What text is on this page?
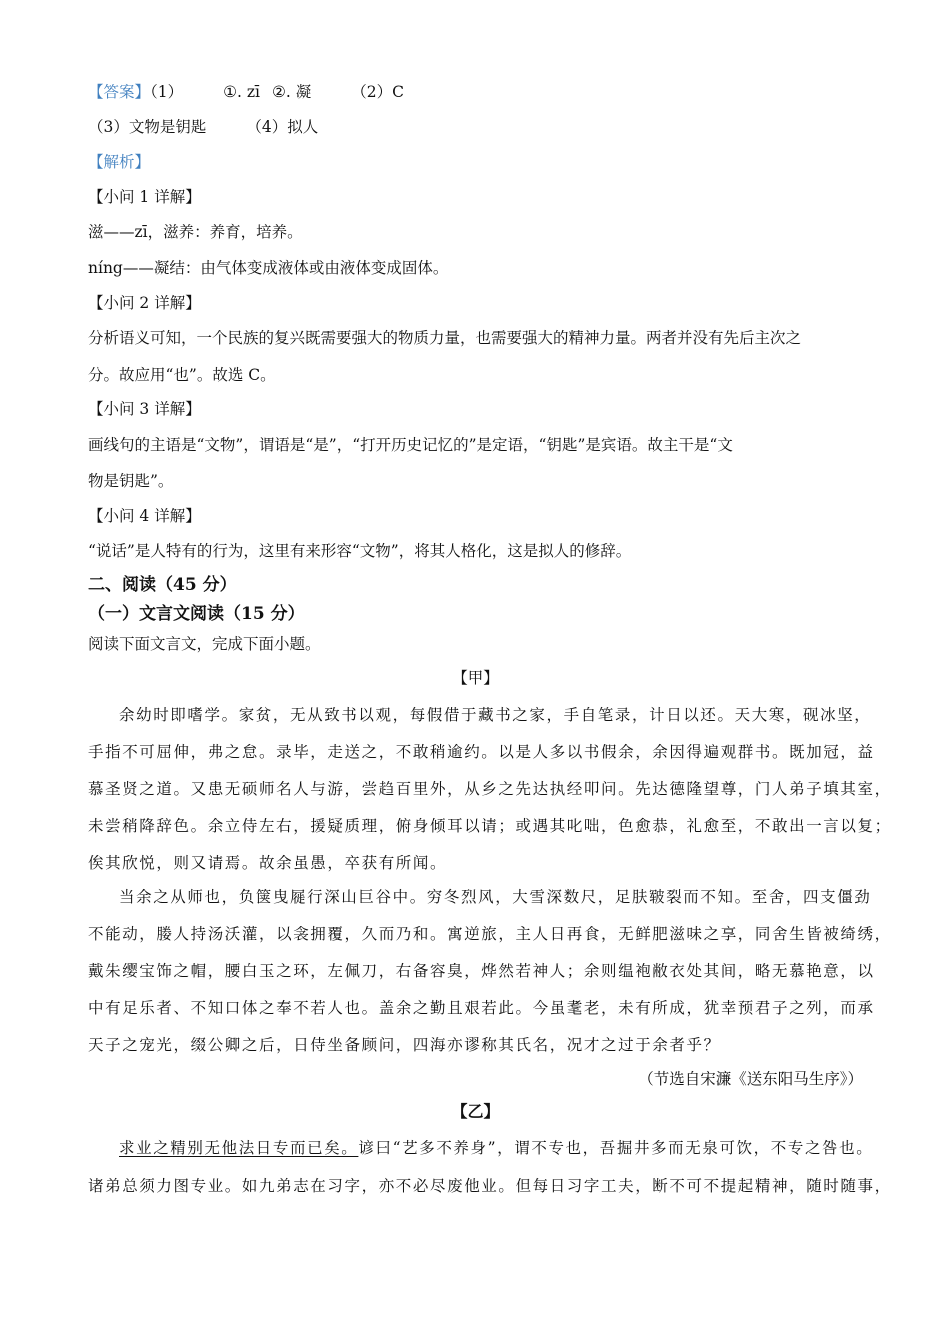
【答案】（1）	①. zī ②. 凝	（2）C
（3）文物是钥匙	（4）拟人
【解析】
【小问 1 详解】
滋——zī，滋养：养育，培养。
níng——凝结：由气体变成液体或由液体变成固体。
【小问 2 详解】
分析语义可知，一个民族的复兴既需要强大的物质力量，也需要强大的精神力量。两者并没有先后主次之
分。故应用“也”。故选 C。
【小问 3 详解】
画线句的主语是“文物”，谓语是“是”，“打开历史记忆的”是定语，“钥匙”是宾语。故主干是“文
物是钥匙”。
【小问 4 详解】
“说话”是人特有的行为，这里有来形容“文物”，将其人格化，这是拟人的修辞。
二、阅读（45 分）
（一）文言文阅读（15 分）
阅读下面文言文，完成下面小题。
【甲】
余幼时即嗜学。家贫，无从致书以观，每假借于藏书之家，手自笔录，计日以还。天大寒，砚冰坚，
手指不可屈伸，弗之怠。录毕，走送之，不敢稍逾约。以是人多以书假余，余因得遍观群书。既加冠，益
慕圣贤之道。又患无硕师名人与游，尝趋百里外，从乡之先达执经叩问。先达德隆望尊，门人弟子填其室，
未尝稍降辞色。余立侍左右，援疑质理，俯身倾耳以请；或遇其叱咄，色愈恭，礼愈至，不敢出一言以复；
俟其欣悦，则又请焉。故余虽愚，卒获有所闻。
当余之从师也，负箧曳屣行深山巨谷中。穷冬烈风，大雪深数尺，足肤皲裂而不知。至舍，四支僵劲
不能动，媵人持汤沃灌，以衾拥覆，久而乃和。寓逆旅，主人日再食，无鲜肥滋味之享，同舍生皆被绮绣，
戴朱缨宝饰之帽，腰白玉之环，左佩刀，右备容臭，烨然若神人；余则缊袍敝衣处其间，略无慕艳意，以
中有足乐者、不知口体之奉不若人也。盖余之勤且艰若此。今虽耄老，未有所成，犹幸预君子之列，而承
天子之宠光，缀公卿之后，日侍坐备顾问，四海亦谬称其氏名，况才之过于余者乎？
（节选自宋濂《送东阳马生序》）
【乙】
求业之精别无他法日专而已矣。谚曰“艺多不养身”，谓不专也，吾掘井多而无泉可饮，不专之咎也。
诸弟总须力图专业。如九弟志在习字，亦不必尽废他业。但每日习字工夫，断不可不提起精神，随时随事，
